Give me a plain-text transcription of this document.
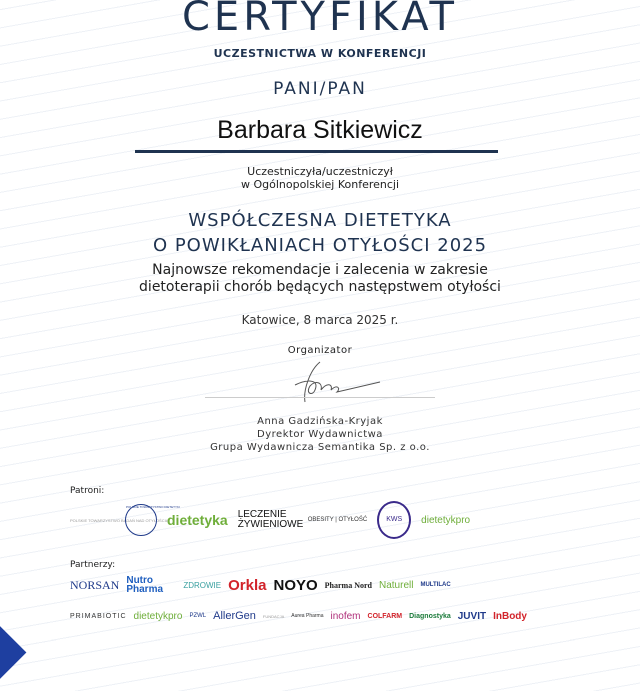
CERTYFIKAT
UCZESTNICTWA W KONFERENCJI
PANI/PAN
Barbara Sitkiewicz
Uczestniczyła/uczestniczył
w Ogólnopolskiej Konferencji
WSPÓŁCZESNA DIETETYKA
O POWIKŁANIACH OTYŁOŚCI 2025
Najnowsze rekomendacje i zalecenia w zakresie
dietoterapii chorób będących następstwem otyłości
Katowice, 8 marca 2025 r.
Organizator
Anna Gadzińska-Kryjak
Dyrektor Wydawnictwa
Grupa Wydawnicza Semantika Sp. z o.o.
Patroni:
POLSKIE TOWARZYSTWO BADAŃ NAD OTYŁOŚCIĄ
POLSKIE TOWARZYSTWO DIETETYKI
dietetyka LECZENIE ŻYWIENIOWE OBESITY | OTYŁOŚĆ	KWS	dietetykpro
Partnerzy:
NORSAN Nutro Pharma	ZDROWIE Orkla NOYO Pharma Nord Naturell MULTILAC
PRIMABIOTIC dietetykpro PZWL AllerGen FUNDACJA Aurea Pharma inofem COLFARM Diagnostyka JUVIT InBody
